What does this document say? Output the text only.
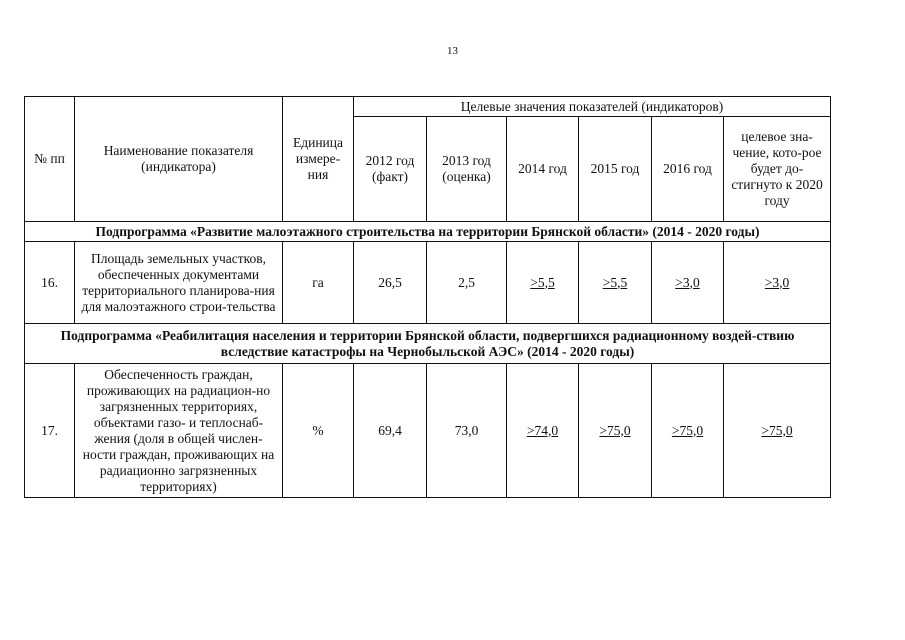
13
№ пп	Наименование показателя (индикатора)	Единица измере-ния	Целевые значения показателей (индикаторов)					
			2012 год (факт)	2013 год (оценка)	2014 год	2015 год	2016 год	целевое зна-чение, кото-рое будет до-стигнуто к 2020 году
Подпрограмма «Развитие малоэтажного строительства на территории Брянской области» (2014 - 2020 годы)								
16.	Площадь земельных участков, обеспеченных документами территориального планирова-ния для малоэтажного строи-тельства	га	26,5	2,5	>5,5	>5,5	>3,0	>3,0
Подпрограмма «Реабилитация населения и территории Брянской области, подвергшихся радиационному воздей-ствию вследствие катастрофы на Чернобыльской АЭС» (2014 - 2020 годы)								
17.	Обеспеченность граждан, проживающих на радиацион-но загрязненных территориях, объектами газо- и теплоснаб-жения (доля в общей числен-ности граждан, проживающих на радиационно загрязненных территориях)	%	69,4	73,0	>74,0	>75,0	>75,0	>75,0
